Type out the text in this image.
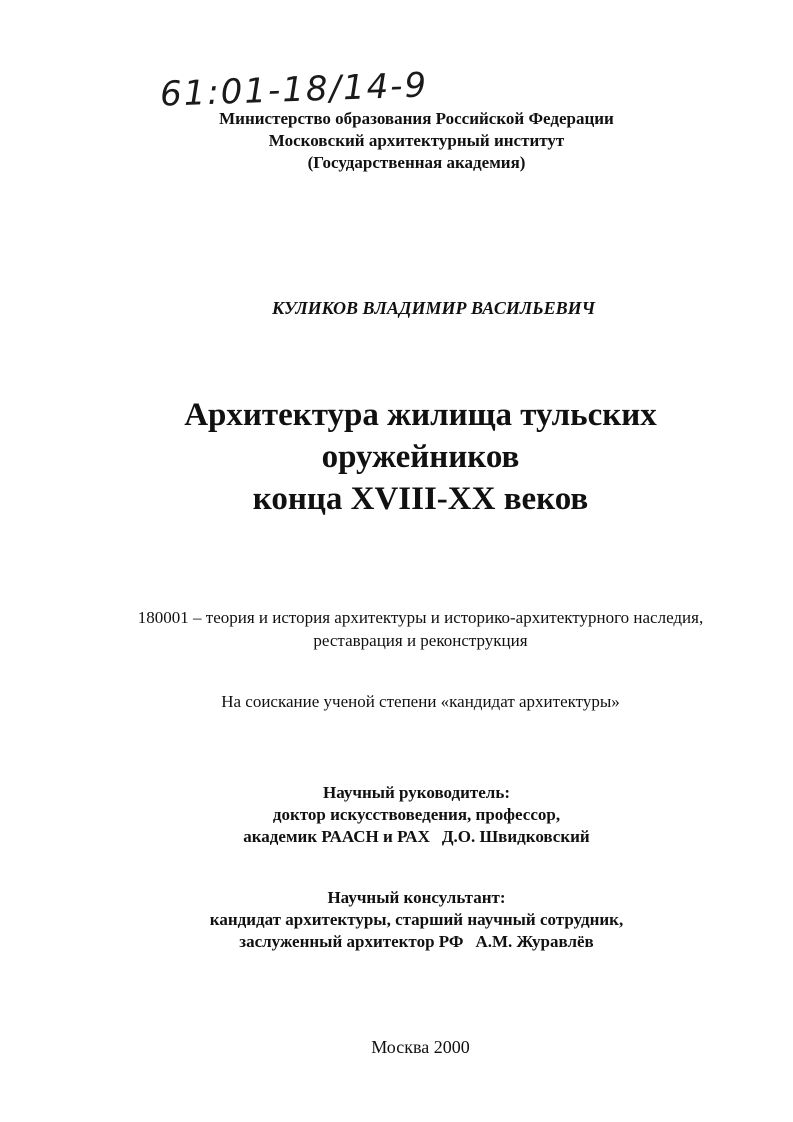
61:01-18/14-9
Министерство образования Российской Федерации
Московский архитектурный институт
(Государственная академия)
КУЛИКОВ ВЛАДИМИР ВАСИЛЬЕВИЧ
Архитектура жилища тульских
оружейников
конца XVIII-XX веков
180001 – теория и история архитектуры и историко-архитектурного наследия,
реставрация и реконструкция
На соискание ученой степени «кандидат архитектуры»
Научный руководитель:
доктор искусствоведения, профессор,
академик РААСН и РАХ Д.О. Швидковский
Научный консультант:
кандидат архитектуры, старший научный сотрудник,
заслуженный архитектор РФ А.М. Журавлёв
Москва 2000
